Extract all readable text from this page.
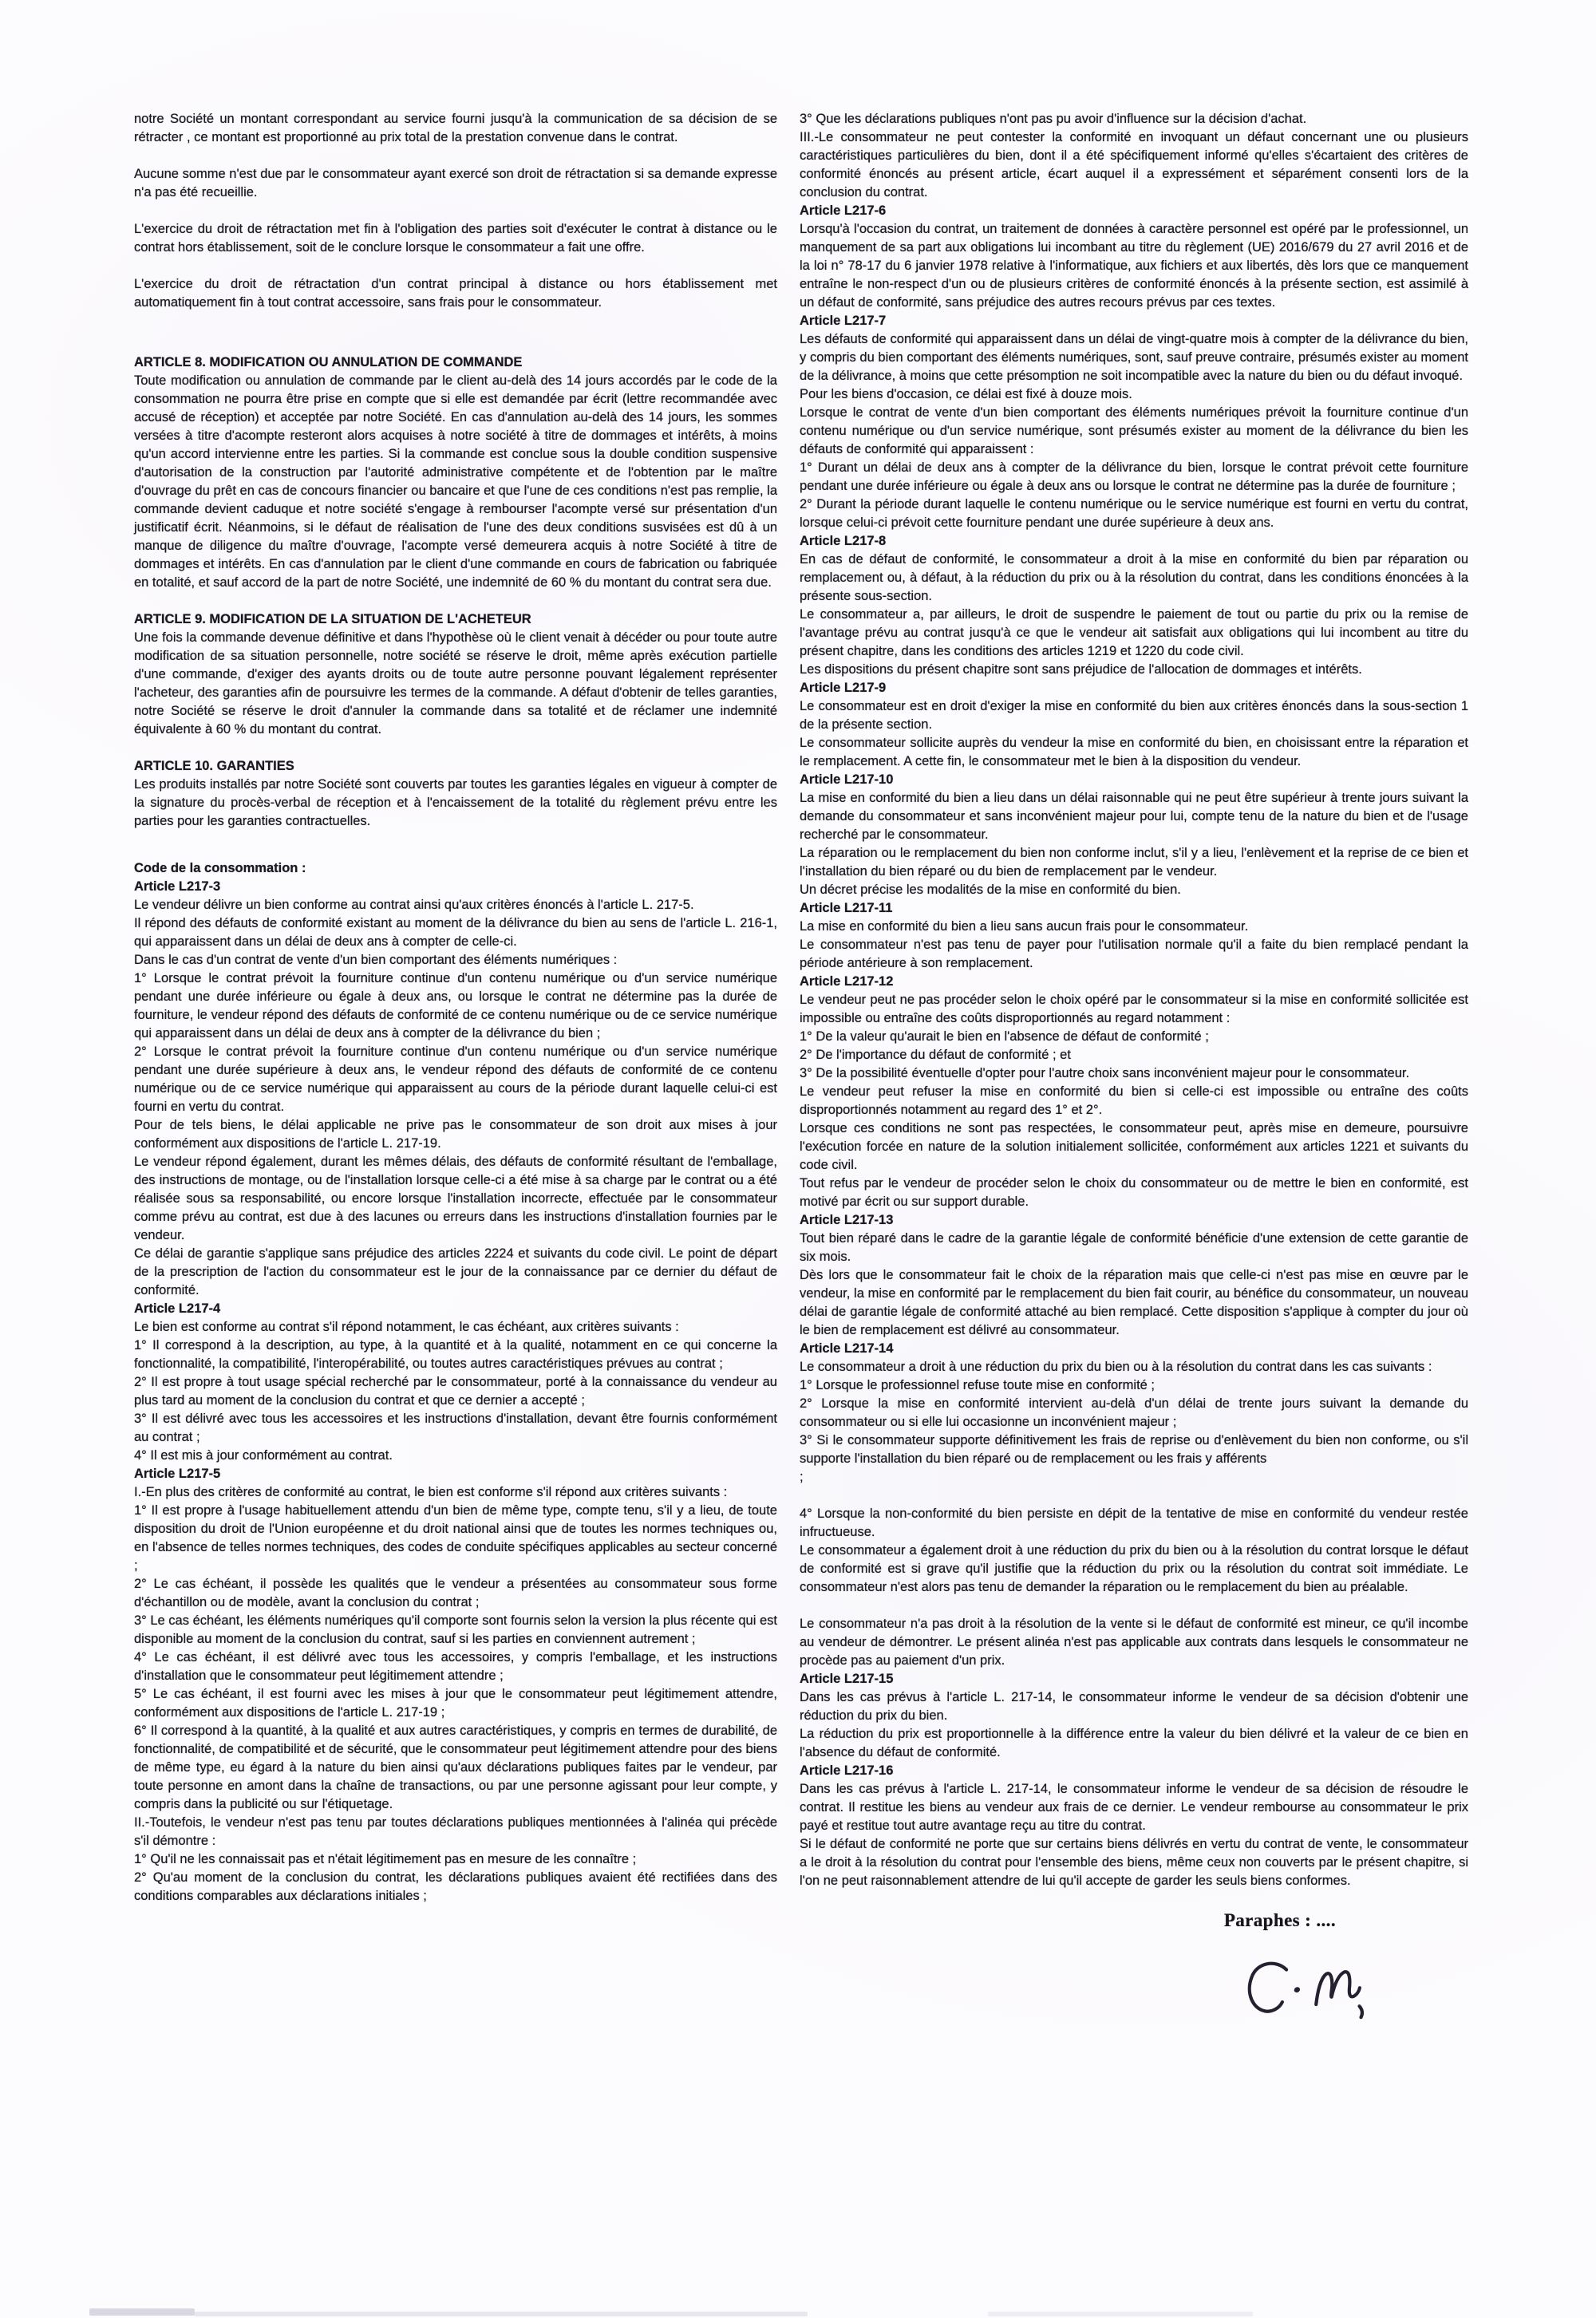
notre Société un montant correspondant au service fourni jusqu'à la communication de sa décision de se rétracter , ce montant est proportionné au prix total de la prestation convenue dans le contrat.

Aucune somme n'est due par le consommateur ayant exercé son droit de rétractation si sa demande expresse n'a pas été recueillie.

L'exercice du droit de rétractation met fin à l'obligation des parties soit d'exécuter le contrat à distance ou le contrat hors établissement, soit de le conclure lorsque le consommateur a fait une offre.

L'exercice du droit de rétractation d'un contrat principal à distance ou hors établissement met automatiquement fin à tout contrat accessoire, sans frais pour le consommateur.

ARTICLE 8. MODIFICATION OU ANNULATION DE COMMANDE

Toute modification ou annulation de commande par le client au-delà des 14 jours accordés par le code de la consommation ne pourra être prise en compte que si elle est demandée par écrit (lettre recommandée avec accusé de réception) et acceptée par notre Société. En cas d'annulation au-delà des 14 jours, les sommes versées à titre d'acompte resteront alors acquises à notre société à titre de dommages et intérêts, à moins qu'un accord intervienne entre les parties. Si la commande est conclue sous la double condition suspensive d'autorisation de la construction par l'autorité administrative compétente et de l'obtention par le maître d'ouvrage du prêt en cas de concours financier ou bancaire et que l'une de ces conditions n'est pas remplie, la commande devient caduque et notre société s'engage à rembourser l'acompte versé sur présentation d'un justificatif écrit. Néanmoins, si le défaut de réalisation de l'une des deux conditions susvisées est dû à un manque de diligence du maître d'ouvrage, l'acompte versé demeurera acquis à notre Société à titre de dommages et intérêts. En cas d'annulation par le client d'une commande en cours de fabrication ou fabriquée en totalité, et sauf accord de la part de notre Société, une indemnité de 60 % du montant du contrat sera due.

ARTICLE 9. MODIFICATION DE LA SITUATION DE L'ACHETEUR

Une fois la commande devenue définitive et dans l'hypothèse où le client venait à décéder ou pour toute autre modification de sa situation personnelle, notre société se réserve le droit, même après exécution partielle d'une commande, d'exiger des ayants droits ou de toute autre personne pouvant légalement représenter l'acheteur, des garanties afin de poursuivre les termes de la commande. A défaut d'obtenir de telles garanties, notre Société se réserve le droit d'annuler la commande dans sa totalité et de réclamer une indemnité équivalente à 60 % du montant du contrat.

ARTICLE 10. GARANTIES

Les produits installés par notre Société sont couverts par toutes les garanties légales en vigueur à compter de la signature du procès-verbal de réception et à l'encaissement de la totalité du règlement prévu entre les parties pour les garanties contractuelles.

Code de la consommation :

Article L217-3

Le vendeur délivre un bien conforme au contrat ainsi qu'aux critères énoncés à l'article L. 217-5.

Il répond des défauts de conformité existant au moment de la délivrance du bien au sens de l'article L. 216-1, qui apparaissent dans un délai de deux ans à compter de celle-ci.

Dans le cas d'un contrat de vente d'un bien comportant des éléments numériques :

1° Lorsque le contrat prévoit la fourniture continue d'un contenu numérique ou d'un service numérique pendant une durée inférieure ou égale à deux ans, ou lorsque le contrat ne détermine pas la durée de fourniture, le vendeur répond des défauts de conformité de ce contenu numérique ou de ce service numérique qui apparaissent dans un délai de deux ans à compter de la délivrance du bien ;

2° Lorsque le contrat prévoit la fourniture continue d'un contenu numérique ou d'un service numérique pendant une durée supérieure à deux ans, le vendeur répond des défauts de conformité de ce contenu numérique ou de ce service numérique qui apparaissent au cours de la période durant laquelle celui-ci est fourni en vertu du contrat.

Pour de tels biens, le délai applicable ne prive pas le consommateur de son droit aux mises à jour conformément aux dispositions de l'article L. 217-19.

Le vendeur répond également, durant les mêmes délais, des défauts de conformité résultant de l'emballage, des instructions de montage, ou de l'installation lorsque celle-ci a été mise à sa charge par le contrat ou a été réalisée sous sa responsabilité, ou encore lorsque l'installation incorrecte, effectuée par le consommateur comme prévu au contrat, est due à des lacunes ou erreurs dans les instructions d'installation fournies par le vendeur.

Ce délai de garantie s'applique sans préjudice des articles 2224 et suivants du code civil. Le point de départ de la prescription de l'action du consommateur est le jour de la connaissance par ce dernier du défaut de conformité.

Article L217-4

Le bien est conforme au contrat s'il répond notamment, le cas échéant, aux critères suivants :

1° Il correspond à la description, au type, à la quantité et à la qualité, notamment en ce qui concerne la fonctionnalité, la compatibilité, l'interopérabilité, ou toutes autres caractéristiques prévues au contrat ;

2° Il est propre à tout usage spécial recherché par le consommateur, porté à la connaissance du vendeur au plus tard au moment de la conclusion du contrat et que ce dernier a accepté ;

3° Il est délivré avec tous les accessoires et les instructions d'installation, devant être fournis conformément au contrat ;

4° Il est mis à jour conformément au contrat.

Article L217-5

I.-En plus des critères de conformité au contrat, le bien est conforme s'il répond aux critères suivants :

1° Il est propre à l'usage habituellement attendu d'un bien de même type, compte tenu, s'il y a lieu, de toute disposition du droit de l'Union européenne et du droit national ainsi que de toutes les normes techniques ou, en l'absence de telles normes techniques, des codes de conduite spécifiques applicables au secteur concerné ;

2° Le cas échéant, il possède les qualités que le vendeur a présentées au consommateur sous forme d'échantillon ou de modèle, avant la conclusion du contrat ;

3° Le cas échéant, les éléments numériques qu'il comporte sont fournis selon la version la plus récente qui est disponible au moment de la conclusion du contrat, sauf si les parties en conviennent autrement ;

4° Le cas échéant, il est délivré avec tous les accessoires, y compris l'emballage, et les instructions d'installation que le consommateur peut légitimement attendre ;

5° Le cas échéant, il est fourni avec les mises à jour que le consommateur peut légitimement attendre, conformément aux dispositions de l'article L. 217-19 ;

6° Il correspond à la quantité, à la qualité et aux autres caractéristiques, y compris en termes de durabilité, de fonctionnalité, de compatibilité et de sécurité, que le consommateur peut légitimement attendre pour des biens de même type, eu égard à la nature du bien ainsi qu'aux déclarations publiques faites par le vendeur, par toute personne en amont dans la chaîne de transactions, ou par une personne agissant pour leur compte, y compris dans la publicité ou sur l'étiquetage.

II.-Toutefois, le vendeur n'est pas tenu par toutes déclarations publiques mentionnées à l'alinéa qui précède s'il démontre :

1° Qu'il ne les connaissait pas et n'était légitimement pas en mesure de les connaître ;

2° Qu'au moment de la conclusion du contrat, les déclarations publiques avaient été rectifiées dans des conditions comparables aux déclarations initiales ;

3° Que les déclarations publiques n'ont pas pu avoir d'influence sur la décision d'achat.

III.-Le consommateur ne peut contester la conformité en invoquant un défaut concernant une ou plusieurs caractéristiques particulières du bien, dont il a été spécifiquement informé qu'elles s'écartaient des critères de conformité énoncés au présent article, écart auquel il a expressément et séparément consenti lors de la conclusion du contrat.

Article L217-6

Lorsqu'à l'occasion du contrat, un traitement de données à caractère personnel est opéré par le professionnel, un manquement de sa part aux obligations lui incombant au titre du règlement (UE) 2016/679 du 27 avril 2016 et de la loi n° 78-17 du 6 janvier 1978 relative à l'informatique, aux fichiers et aux libertés, dès lors que ce manquement entraîne le non-respect d'un ou de plusieurs critères de conformité énoncés à la présente section, est assimilé à un défaut de conformité, sans préjudice des autres recours prévus par ces textes.

Article L217-7

Les défauts de conformité qui apparaissent dans un délai de vingt-quatre mois à compter de la délivrance du bien, y compris du bien comportant des éléments numériques, sont, sauf preuve contraire, présumés exister au moment de la délivrance, à moins que cette présomption ne soit incompatible avec la nature du bien ou du défaut invoqué.

Pour les biens d'occasion, ce délai est fixé à douze mois.

Lorsque le contrat de vente d'un bien comportant des éléments numériques prévoit la fourniture continue d'un contenu numérique ou d'un service numérique, sont présumés exister au moment de la délivrance du bien les défauts de conformité qui apparaissent :

1° Durant un délai de deux ans à compter de la délivrance du bien, lorsque le contrat prévoit cette fourniture pendant une durée inférieure ou égale à deux ans ou lorsque le contrat ne détermine pas la durée de fourniture ;

2° Durant la période durant laquelle le contenu numérique ou le service numérique est fourni en vertu du contrat, lorsque celui-ci prévoit cette fourniture pendant une durée supérieure à deux ans.

Article L217-8

En cas de défaut de conformité, le consommateur a droit à la mise en conformité du bien par réparation ou remplacement ou, à défaut, à la réduction du prix ou à la résolution du contrat, dans les conditions énoncées à la présente sous-section.

Le consommateur a, par ailleurs, le droit de suspendre le paiement de tout ou partie du prix ou la remise de l'avantage prévu au contrat jusqu'à ce que le vendeur ait satisfait aux obligations qui lui incombent au titre du présent chapitre, dans les conditions des articles 1219 et 1220 du code civil.

Les dispositions du présent chapitre sont sans préjudice de l'allocation de dommages et intérêts.

Article L217-9

Le consommateur est en droit d'exiger la mise en conformité du bien aux critères énoncés dans la sous-section 1 de la présente section.

Le consommateur sollicite auprès du vendeur la mise en conformité du bien, en choisissant entre la réparation et le remplacement. A cette fin, le consommateur met le bien à la disposition du vendeur.

Article L217-10

La mise en conformité du bien a lieu dans un délai raisonnable qui ne peut être supérieur à trente jours suivant la demande du consommateur et sans inconvénient majeur pour lui, compte tenu de la nature du bien et de l'usage recherché par le consommateur.

La réparation ou le remplacement du bien non conforme inclut, s'il y a lieu, l'enlèvement et la reprise de ce bien et l'installation du bien réparé ou du bien de remplacement par le vendeur.

Un décret précise les modalités de la mise en conformité du bien.

Article L217-11

La mise en conformité du bien a lieu sans aucun frais pour le consommateur.

Le consommateur n'est pas tenu de payer pour l'utilisation normale qu'il a faite du bien remplacé pendant la période antérieure à son remplacement.

Article L217-12

Le vendeur peut ne pas procéder selon le choix opéré par le consommateur si la mise en conformité sollicitée est impossible ou entraîne des coûts disproportionnés au regard notamment :

1° De la valeur qu'aurait le bien en l'absence de défaut de conformité ;

2° De l'importance du défaut de conformité ; et

3° De la possibilité éventuelle d'opter pour l'autre choix sans inconvénient majeur pour le consommateur.

Le vendeur peut refuser la mise en conformité du bien si celle-ci est impossible ou entraîne des coûts disproportionnés notamment au regard des 1° et 2°.

Lorsque ces conditions ne sont pas respectées, le consommateur peut, après mise en demeure, poursuivre l'exécution forcée en nature de la solution initialement sollicitée, conformément aux articles 1221 et suivants du code civil.

Tout refus par le vendeur de procéder selon le choix du consommateur ou de mettre le bien en conformité, est motivé par écrit ou sur support durable.

Article L217-13

Tout bien réparé dans le cadre de la garantie légale de conformité bénéficie d'une extension de cette garantie de six mois.

Dès lors que le consommateur fait le choix de la réparation mais que celle-ci n'est pas mise en œuvre par le vendeur, la mise en conformité par le remplacement du bien fait courir, au bénéfice du consommateur, un nouveau délai de garantie légale de conformité attaché au bien remplacé. Cette disposition s'applique à compter du jour où le bien de remplacement est délivré au consommateur.

Article L217-14

Le consommateur a droit à une réduction du prix du bien ou à la résolution du contrat dans les cas suivants :

1° Lorsque le professionnel refuse toute mise en conformité ;

2° Lorsque la mise en conformité intervient au-delà d'un délai de trente jours suivant la demande du consommateur ou si elle lui occasionne un inconvénient majeur ;

3° Si le consommateur supporte définitivement les frais de reprise ou d'enlèvement du bien non conforme, ou s'il supporte l'installation du bien réparé ou de remplacement ou les frais y afférents

;

4° Lorsque la non-conformité du bien persiste en dépit de la tentative de mise en conformité du vendeur restée infructueuse.

Le consommateur a également droit à une réduction du prix du bien ou à la résolution du contrat lorsque le défaut de conformité est si grave qu'il justifie que la réduction du prix ou la résolution du contrat soit immédiate. Le consommateur n'est alors pas tenu de demander la réparation ou le remplacement du bien au préalable.

Le consommateur n'a pas droit à la résolution de la vente si le défaut de conformité est mineur, ce qu'il incombe au vendeur de démontrer. Le présent alinéa n'est pas applicable aux contrats dans lesquels le consommateur ne procède pas au paiement d'un prix.

Article L217-15

Dans les cas prévus à l'article L. 217-14, le consommateur informe le vendeur de sa décision d'obtenir une réduction du prix du bien.

La réduction du prix est proportionnelle à la différence entre la valeur du bien délivré et la valeur de ce bien en l'absence du défaut de conformité.

Article L217-16

Dans les cas prévus à l'article L. 217-14, le consommateur informe le vendeur de sa décision de résoudre le contrat. Il restitue les biens au vendeur aux frais de ce dernier. Le vendeur rembourse au consommateur le prix payé et restitue tout autre avantage reçu au titre du contrat.

Si le défaut de conformité ne porte que sur certains biens délivrés en vertu du contrat de vente, le consommateur a le droit à la résolution du contrat pour l'ensemble des biens, même ceux non couverts par le présent chapitre, si l'on ne peut raisonnablement attendre de lui qu'il accepte de garder les seuls biens conformes.

Paraphes : ....
